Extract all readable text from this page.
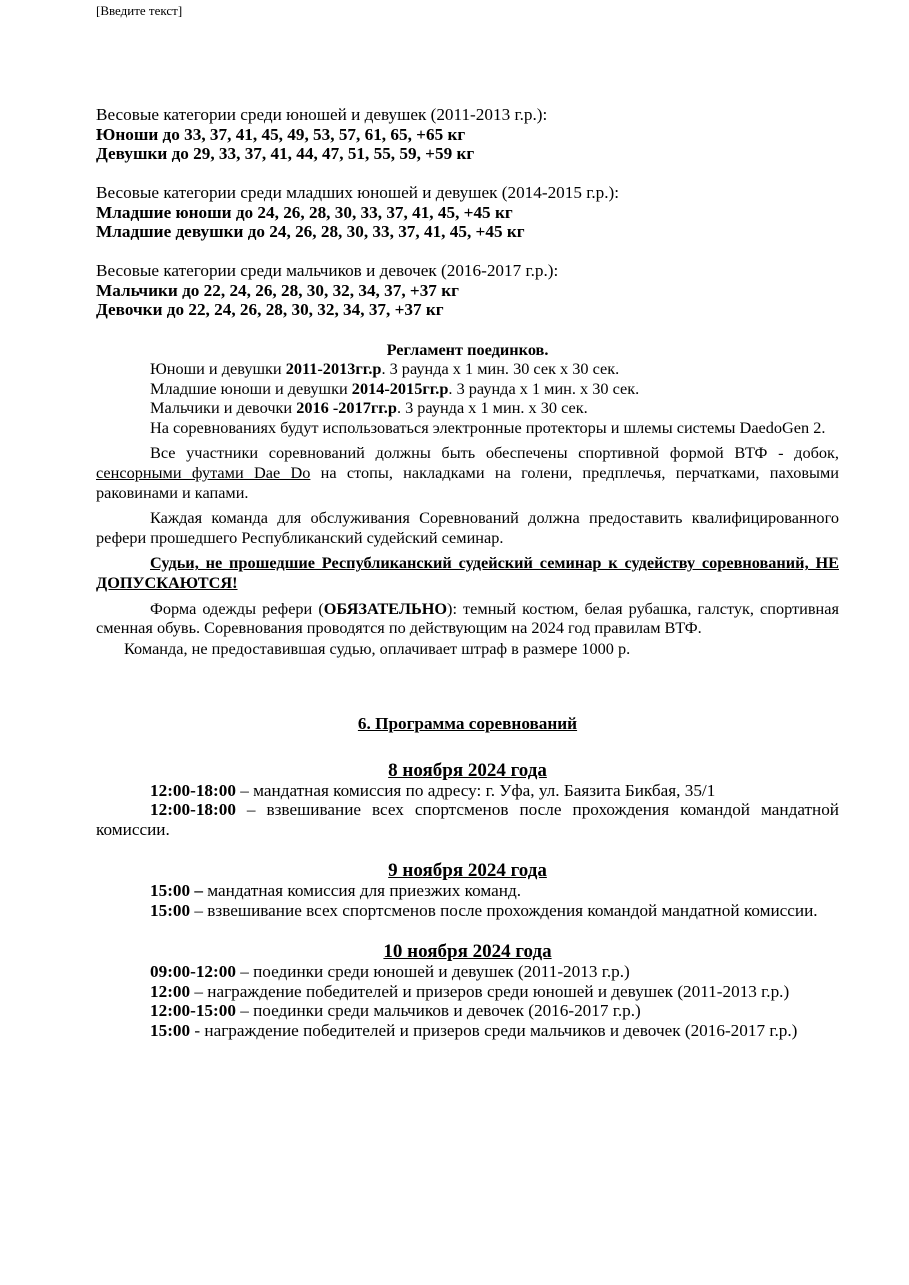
[Введите текст]
Весовые категории среди юношей и девушек (2011-2013 г.р.):
Юноши до 33, 37, 41, 45, 49, 53, 57, 61, 65, +65 кг
Девушки до 29, 33, 37, 41, 44, 47, 51, 55, 59, +59 кг
Весовые категории среди младших юношей и девушек (2014-2015 г.р.):
Младшие юноши до 24, 26, 28, 30, 33, 37, 41, 45, +45 кг
Младшие девушки до 24, 26, 28, 30, 33, 37, 41, 45, +45 кг
Весовые категории среди мальчиков и девочек (2016-2017 г.р.):
Мальчики до 22, 24, 26, 28, 30, 32, 34, 37, +37 кг
Девочки до 22, 24, 26, 28, 30, 32, 34, 37, +37 кг

Регламент поединков.

Юноши и девушки 2011-2013гг.р. 3 раунда х 1 мин. 30 сек х 30 сек.

Младшие юноши и девушки 2014-2015гг.р. 3 раунда х 1 мин. х 30 сек.

Мальчики и девочки 2016 -2017гг.р. 3 раунда х 1 мин. х 30 сек.

На соревнованиях будут использоваться электронные протекторы и шлемы системы DaedoGen 2.

Все участники соревнований должны быть обеспечены спортивной формой ВТФ - добок, сенсорными футами Dae Do на стопы, накладками на голени, предплечья, перчатками, паховыми раковинами и капами.

Каждая команда для обслуживания Соревнований должна предоставить квалифицированного рефери прошедшего Республиканский судейский семинар.

Судьи, не прошедшие Республиканский судейский семинар к судейству соревнований, НЕ ДОПУСКАЮТСЯ!

Форма одежды рефери (ОБЯЗАТЕЛЬНО): темный костюм, белая рубашка, галстук, спортивная сменная обувь. Соревнования проводятся по действующим на 2024 год правилам ВТФ.

Команда, не предоставившая судью, оплачивает штраф в размере 1000 р.

6. Программа соревнований
8 ноября 2024 года

12:00-18:00 – мандатная комиссия по адресу: г. Уфа, ул. Баязита Бикбая, 35/1

12:00-18:00 – взвешивание всех спортсменов после прохождения командой мандатной комиссии.

9 ноября 2024 года

15:00 – мандатная комиссия для приезжих команд.

15:00 – взвешивание всех спортсменов после прохождения командой мандатной комиссии.

10 ноября 2024 года

09:00-12:00 – поединки среди юношей и девушек (2011-2013 г.р.)

12:00 – награждение победителей и призеров среди юношей и девушек (2011-2013 г.р.)

12:00-15:00 – поединки среди мальчиков и девочек (2016-2017 г.р.)

15:00 - награждение победителей и призеров среди мальчиков и девочек (2016-2017 г.р.)
